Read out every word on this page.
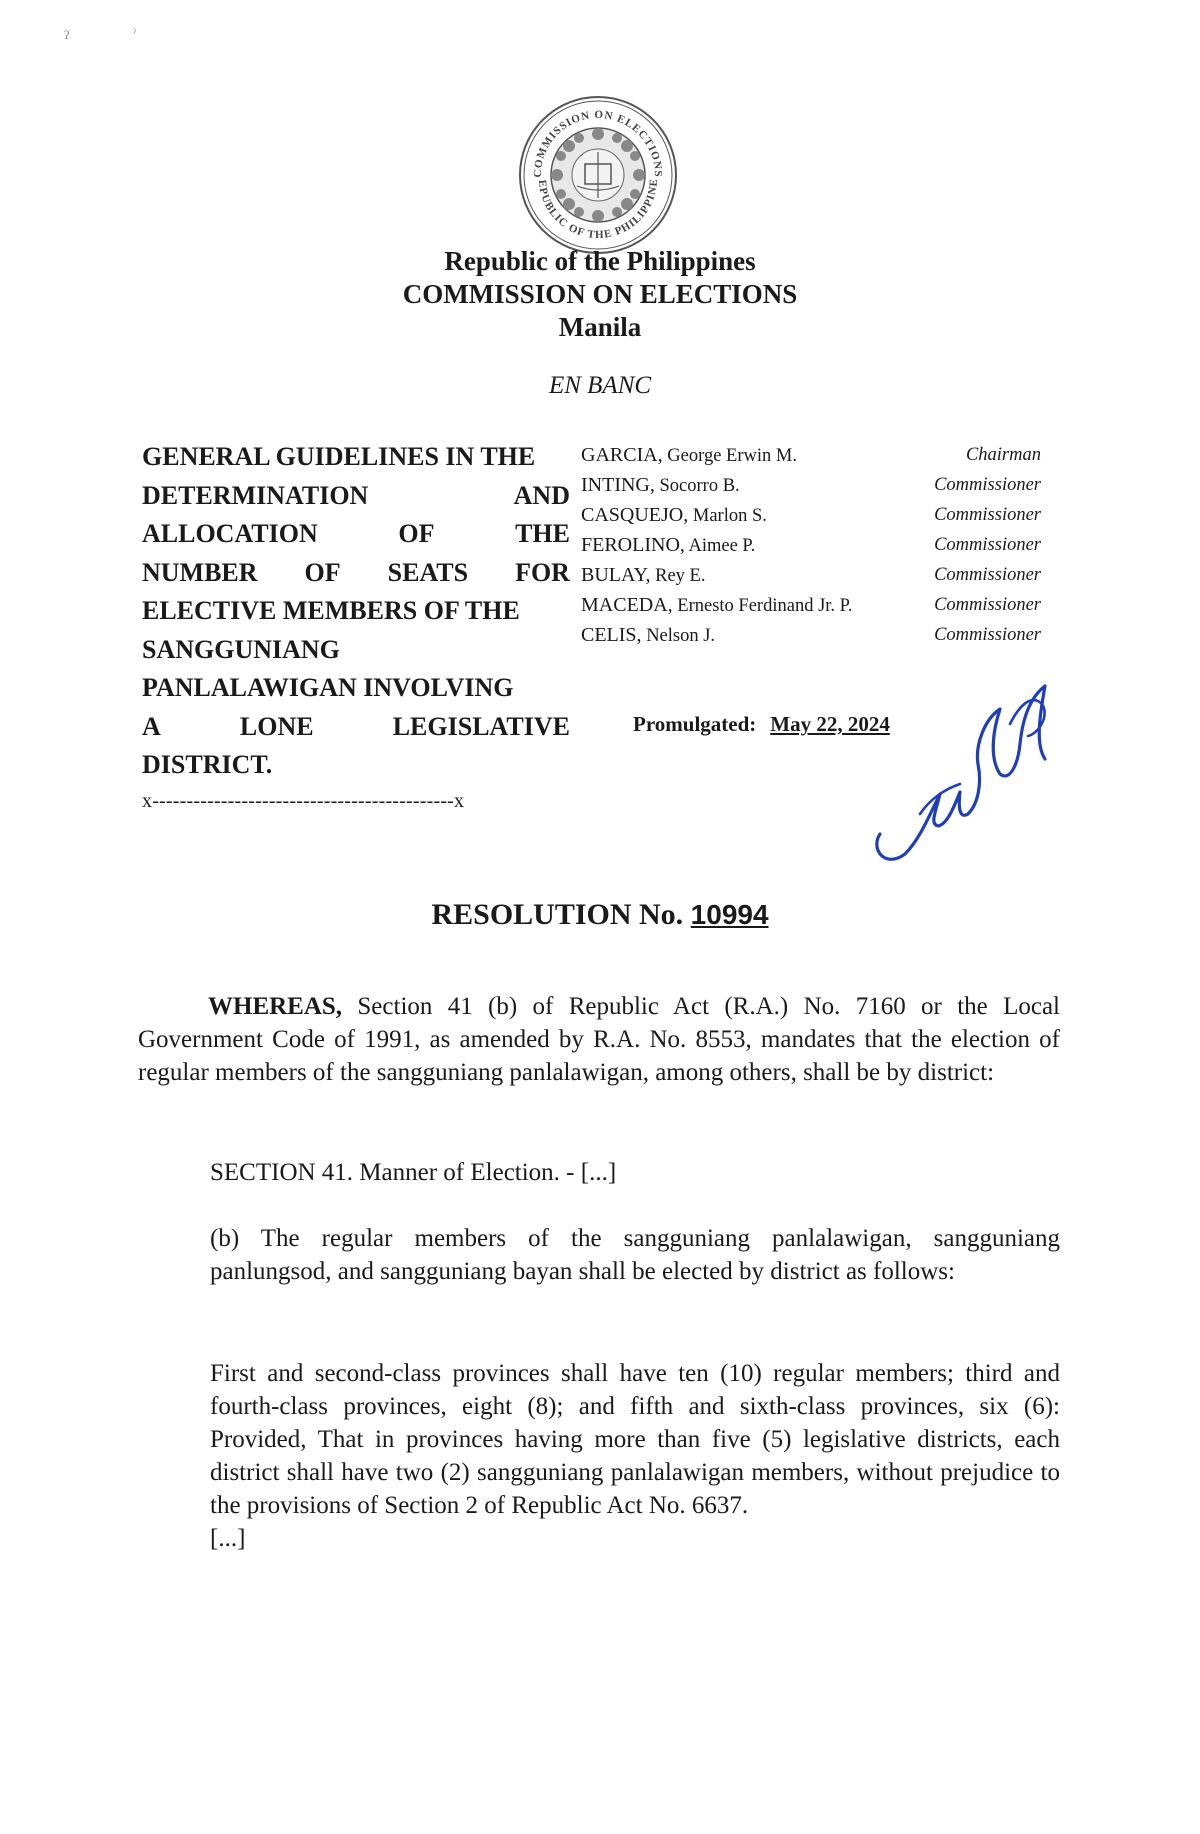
ʔ	ˀ
COMMISSION ON ELECTIONS
EPUBLIC OF THE PHILIPPINE
Republic of the Philippines
COMMISSION ON ELECTIONS
Manila
EN BANC
GENERAL GUIDELINES IN THE
DETERMINATION	AND
ALLOCATION	OF	THE
NUMBER OF SEATS FOR
ELECTIVE MEMBERS OF THE
SANGGUNIANG
PANLALAWIGAN INVOLVING
A	LONE	LEGISLATIVE
DISTRICT.
x--------------------------------------------x
GARCIA, George Erwin M.	Chairman
INTING, Socorro B.	Commissioner
CASQUEJO, Marlon S.	Commissioner
FEROLINO, Aimee P.	Commissioner
BULAY, Rey E.	Commissioner
MACEDA, Ernesto Ferdinand Jr. P.	Commissioner
CELIS, Nelson J.	Commissioner
Promulgated: May 22, 2024
RESOLUTION No. 10994
WHEREAS, Section 41 (b) of Republic Act (R.A.) No. 7160 or the Local Government Code of 1991, as amended by R.A. No. 8553, mandates that the election of regular members of the sangguniang panlalawigan, among others, shall be by district:
SECTION 41. Manner of Election. - [...]
(b) The regular members of the sangguniang panlalawigan, sangguniang panlungsod, and sangguniang bayan shall be elected by district as follows:
First and second-class provinces shall have ten (10) regular members; third and fourth-class provinces, eight (8); and fifth and sixth-class provinces, six (6): Provided, That in provinces having more than five (5) legislative districts, each district shall have two (2) sangguniang panlalawigan members, without prejudice to the provisions of Section 2 of Republic Act No. 6637.
[...]
